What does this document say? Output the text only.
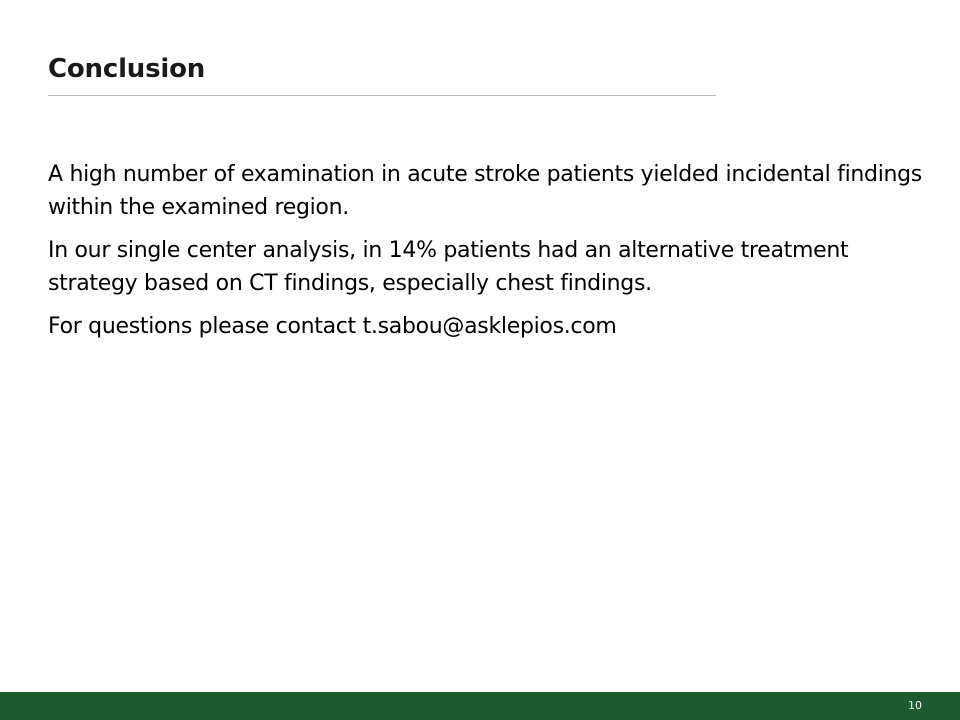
Conclusion

A high number of examination in acute stroke patients yielded incidental findings within the examined region.

In our single center analysis, in 14% patients had an alternative treatment strategy based on CT findings, especially chest findings.

For questions please contact t.sabou@asklepios.com

10
